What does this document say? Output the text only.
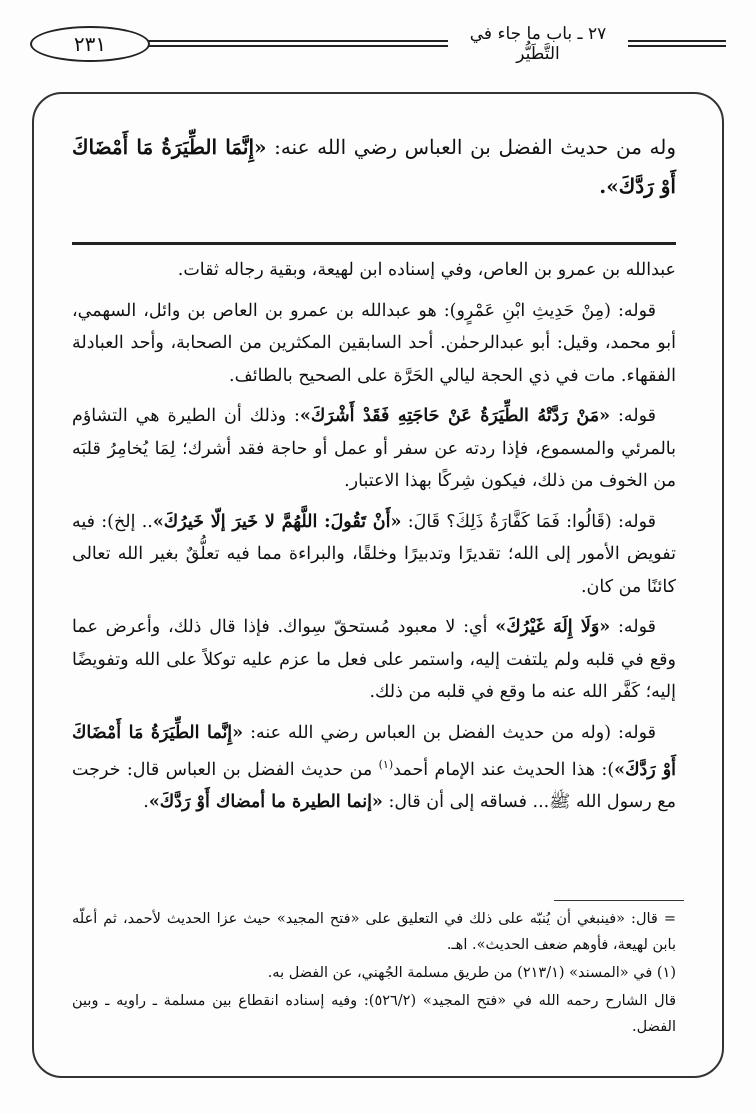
٢٣١	٢٧ ـ باب ما جاء في التَّطَيُّر
وله من حديث الفضل بن العباس رضي الله عنه: «إِنَّمَا الطِّيَرَةُ مَا أَمْضَاكَ أَوْ رَدَّكَ».

عبدالله بن عمرو بن العاص، وفي إسناده ابن لهيعة، وبقية رجاله ثقات.

قوله: (مِنْ حَدِيثِ ابْنِ عَمْرٍو): هو عبدالله بن عمرو بن العاص بن وائل، السهمي، أبو محمد، وقيل: أبو عبدالرحمٰن. أحد السابقين المكثرين من الصحابة، وأحد العبادلة الفقهاء. مات في ذي الحجة ليالي الحَرَّة على الصحيح بالطائف.

قوله: «مَنْ رَدَّتْهُ الطِّيَرَةُ عَنْ حَاجَتِهِ فَقَدْ أَشْرَكَ»: وذلك أن الطيرة هي التشاؤم بالمرئي والمسموع، فإذا ردته عن سفر أو عمل أو حاجة فقد أشرك؛ لِمَا يُخامِرُ قلبَه من الخوف من ذلك، فيكون شِركًا بهذا الاعتبار.

قوله: (قَالُوا: فَمَا كَفَّارَةُ ذَلِكَ؟ قَالَ: «أَنْ تَقُولَ: اللَّهُمَّ لا خَيرَ إلّا خَيرُكَ».. إلخ): فيه تفويض الأمور إلى الله؛ تقديرًا وتدبيرًا وخلقًا، والبراءة مما فيه تعلُّقٌ بغير الله تعالى كائنًا من كان.

قوله: «وَلَا إِلَهَ غَيْرُكَ» أي: لا معبود مُستحقّ سِواك. فإذا قال ذلك، وأعرض عما وقع في قلبه ولم يلتفت إليه، واستمر على فعل ما عزم عليه توكلاً على الله وتفويضًا إليه؛ كَفَّر الله عنه ما وقع في قلبه من ذلك.

قوله: (وله من حديث الفضل بن العباس رضي الله عنه: «إِنَّما الطِّيَرَةُ مَا أَمْضَاكَ أَوْ رَدَّكَ»): هذا الحديث عند الإمام أحمد$^{(١)}$ من حديث الفضل بن العباس قال: خرجت مع رسول الله ﷺ... فساقه إلى أن قال: «إنما الطيرة ما أمضاك أَوْ رَدَّكَ».

= قال: «فينبغي أن يُنبّه على ذلك في التعليق على «فتح المجيد» حيث عزا الحديث لأحمد، ثم أعلّه بابن لهيعة، فأوهم ضعف الحديث». اهـ.

(١) في «المسند» (٢١٣/١) من طريق مسلمة الجُهني، عن الفضل به.

قال الشارح رحمه الله في «فتح المجيد» (٥٢٦/٢): وفيه إسناده انقطاع بين مسلمة ـ راويه ـ وبين الفضل.
